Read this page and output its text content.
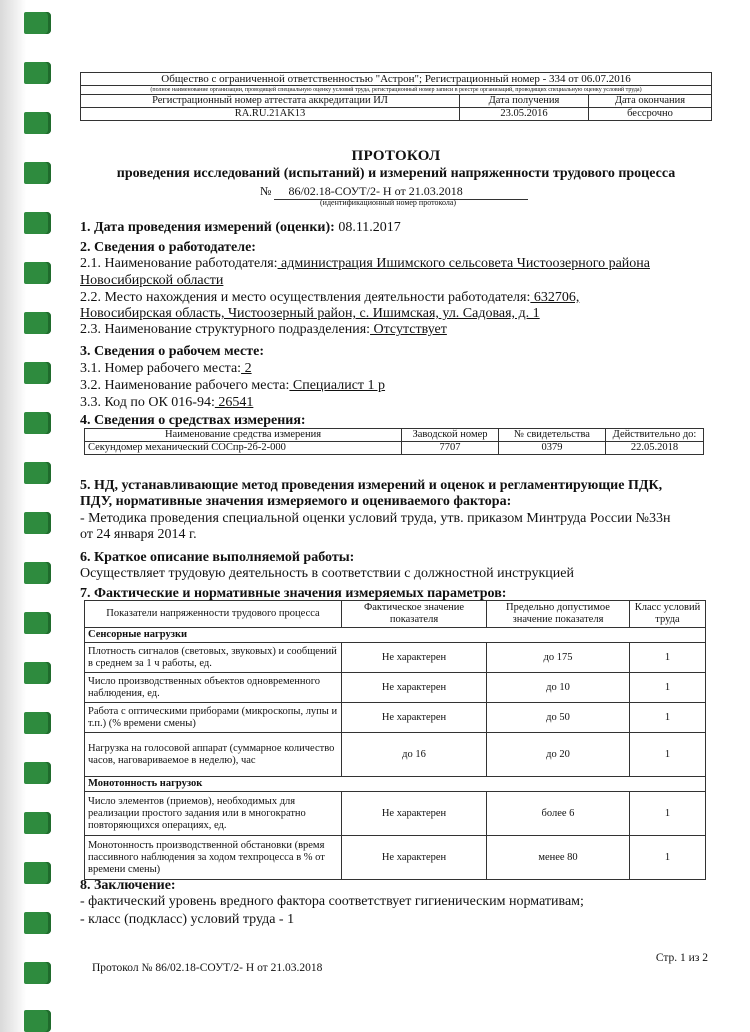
Общество с ограниченной ответственностью "Астрон"; Регистрационный номер - 334 от 06.07.2016		
(полное наименование организации, проводящей специальную оценку условий труда, регистрационный номер записи в реестре организаций, проводящих специальную оценку условий труда)		
Регистрационный номер аттестата аккредитации ИЛ	Дата получения	Дата окончания
RA.RU.21AK13	23.05.2016	бессрочно
ПРОТОКОЛ
проведения исследований (испытаний) и измерений напряженности трудового процесса
№ 86/02.18-СОУТ/2- Н от 21.03.2018
(идентификационный номер протокола)
1. Дата проведения измерений (оценки): 08.11.2017
2. Сведения о работодателе:
2.1. Наименование работодателя: администрация Ишимского сельсовета Чистоозерного района
Новосибирской области
2.2. Место нахождения и место осуществления деятельности работодателя: 632706,
Новосибирская область, Чистоозерный район, с. Ишимская, ул. Садовая, д. 1
2.3. Наименование структурного подразделения: Отсутствует
3. Сведения о рабочем месте:
3.1. Номер рабочего места: 2
3.2. Наименование рабочего места: Специалист 1 р
3.3. Код по ОК 016-94: 26541
4. Сведения о средствах измерения:
Наименование средства измерения	Заводской номер	№ свидетельства	Действительно до:
Секундомер механический СОСпр-2б-2-000	7707	0379	22.05.2018
5. НД, устанавливающие метод проведения измерений и оценок и регламентирующие ПДК,
ПДУ, нормативные значения измеряемого и оцениваемого фактора:
- Методика проведения специальной оценки условий труда, утв. приказом Минтруда России №33н
от 24 января 2014 г.
6. Краткое описание выполняемой работы:
Осуществляет трудовую деятельность в соответствии с должностной инструкцией
7. Фактические и нормативные значения измеряемых параметров:
Показатели напряженности трудового процесса	Фактическое значение показателя	Предельно допустимое значение показателя	Класс условий труда
Сенсорные нагрузки			
Плотность сигналов (световых, звуковых) и сообщений в среднем за 1 ч работы, ед.	Не характерен	до 175	1
Число производственных объектов одновременного наблюдения, ед.	Не характерен	до 10	1
Работа с оптическими приборами (микроскопы, лупы и т.п.) (% времени смены)	Не характерен	до 50	1
Нагрузка на голосовой аппарат (суммарное количество часов, наговариваемое в неделю), час	до 16	до 20	1
Монотонность нагрузок			
Число элементов (приемов), необходимых для реализации простого задания или в многократно повторяющихся операциях, ед.	Не характерен	более 6	1
Монотонность производственной обстановки (время пассивного наблюдения за ходом техпроцесса в % от времени смены)	Не характерен	менее 80	1
8. Заключение:
- фактический уровень вредного фактора соответствует гигиеническим нормативам;
- класс (подкласс) условий труда - 1
Протокол № 86/02.18-СОУТ/2- Н от 21.03.2018
Стр. 1 из 2
